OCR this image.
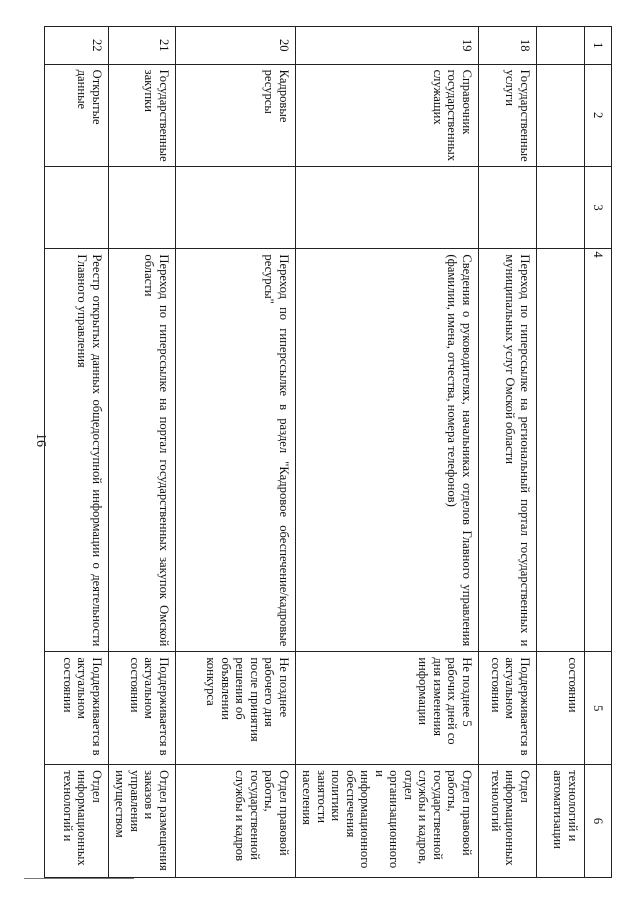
16
1	2	3	4	5	6
				состоянии	технологий и автоматизации
18	Государственные услуги		Переход по гиперссылке на региональный портал государственных и муниципальных услуг Омской области	Поддерживается в актуальном состоянии	Отдел информационных технологий
19	Справочник государственных служащих		Сведения о руководителях, начальниках отделов Главного управления (фамилии, имена, отчества, номера телефонов)	Не позднее 5 рабочих дней со дня изменения информации	Отдел правовой работы, государственной службы и кадров, отдел организационного и информационного обеспечения политики занятости населения
20	Кадровые ресурсы		Переход по гиперссылке в раздел "Кадровое обеспечение/кадровые ресурсы"	Не позднее рабочего дня после принятия решения об объявлении конкурса	Отдел правовой работы, государственной службы и кадров
21	Государственные закупки		Переход по гиперссылке на портал государственных закупок Омской области	Поддерживается в актуальном состоянии	Отдел размещения заказов и управления имуществом
22	Открытые данные		Реестр открытых данных общедоступной информации о деятельности Главного управления	Поддерживается в актуальном состоянии	Отдел информационных технологий и
